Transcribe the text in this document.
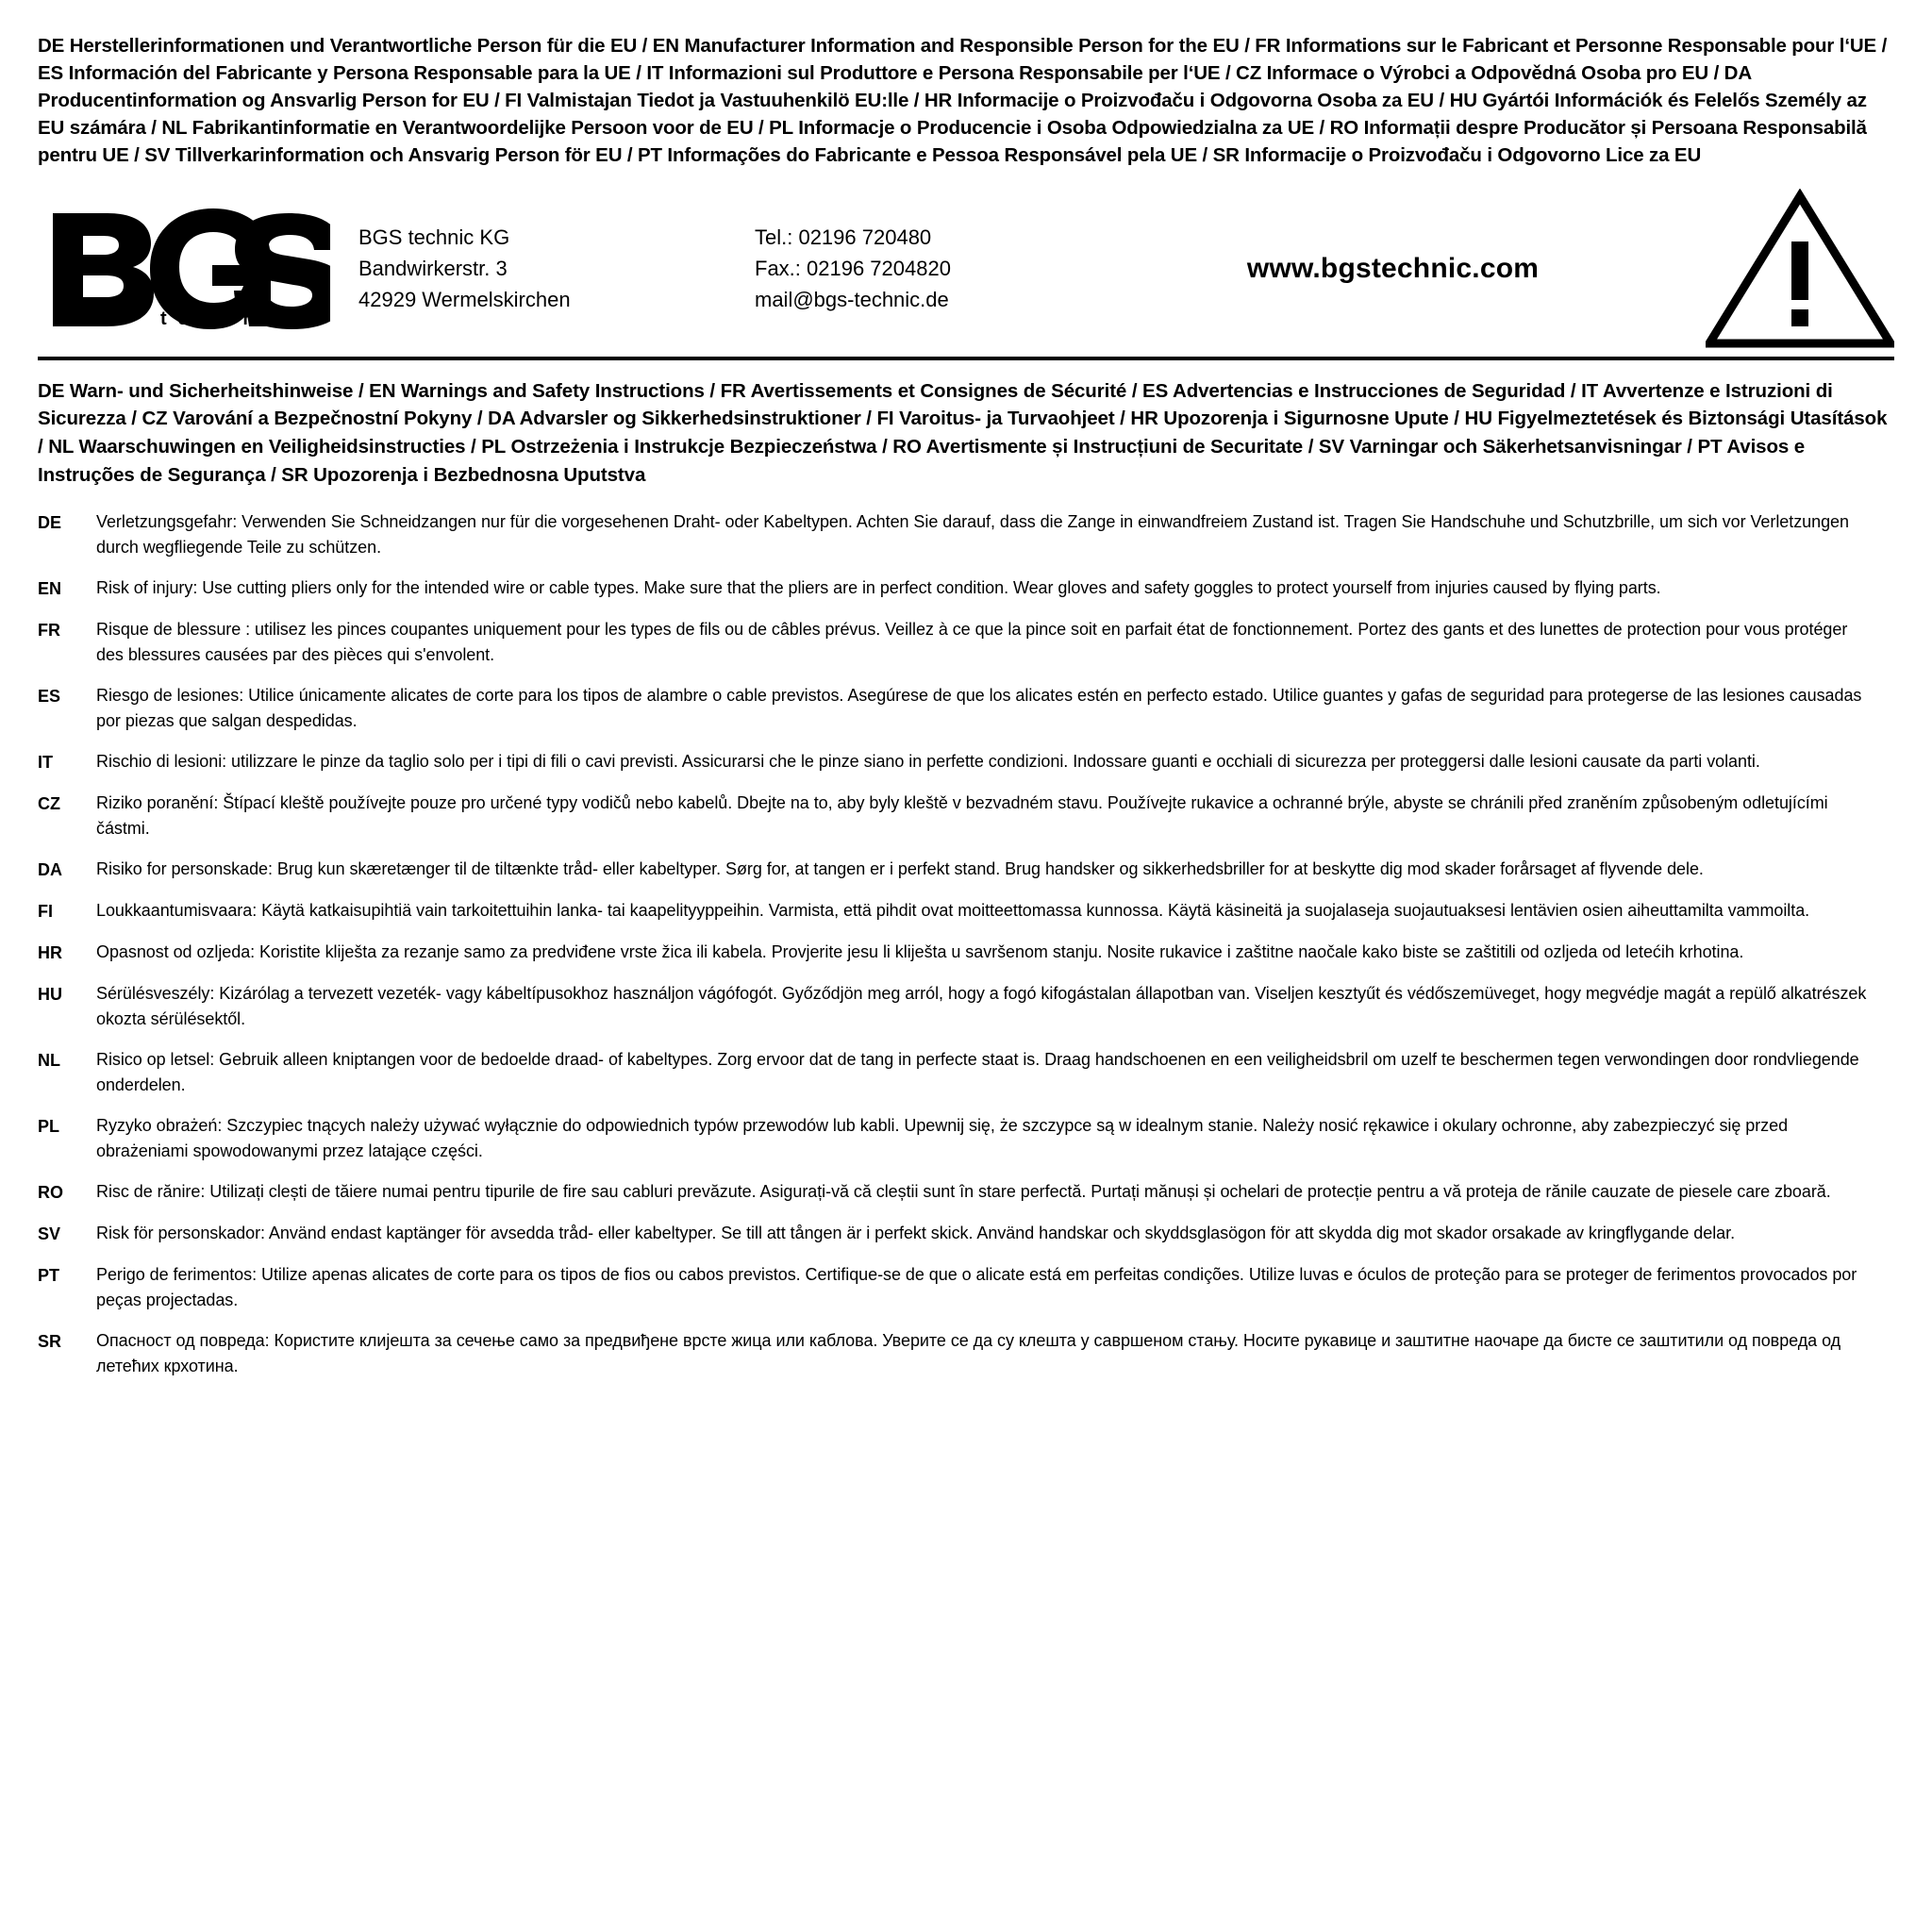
DE Herstellerinformationen und Verantwortliche Person für die EU / EN Manufacturer Information and Responsible Person for the EU / FR Informations sur le Fabricant et Personne Responsable pour l‘UE / ES Información del Fabricante y Persona Responsable para la UE / IT Informazioni sul Produttore e Persona Responsabile per l‘UE / CZ Informace o Výrobci a Odpovědná Osoba pro EU / DA Producentinformation og Ansvarlig Person for EU / FI Valmistajan Tiedot ja Vastuuhenkilö EU:lle / HR Informacije o Proizvođaču i Odgovorna Osoba za EU / HU Gyártói Információk és Felelős Személy az EU számára / NL Fabrikantinformatie en Verantwoordelijke Persoon voor de EU / PL Informacje o Producencie i Osoba Odpowiedzialna za UE / RO Informații despre Producător și Persoana Responsabilă pentru UE / SV Tillverkarinformation och Ansvarig Person för EU / PT Informações do Fabricante e Pessoa Responsável pela UE / SR Informacije o Proizvođaču i Odgovorno Lice za EU
®
t e c h n i c
BGS technic KG
Bandwirkerstr. 3
42929 Wermelskirchen
Tel.: 02196 720480
Fax.: 02196 7204820
mail@bgs-technic.de
www.bgstechnic.com
DE Warn- und Sicherheitshinweise / EN Warnings and Safety Instructions / FR Avertissements et Consignes de Sécurité / ES Advertencias e Instrucciones de Seguridad / IT Avvertenze e Istruzioni di Sicurezza / CZ Varování a Bezpečnostní Pokyny / DA Advarsler og Sikkerhedsinstruktioner / FI Varoitus- ja Turvaohjeet / HR Upozorenja i Sigurnosne Upute / HU Figyelmeztetések és Biztonsági Utasítások / NL Waarschuwingen en Veiligheidsinstructies / PL Ostrzeżenia i Instrukcje Bezpieczeństwa / RO Avertismente și Instrucțiuni de Securitate / SV Varningar och Säkerhetsanvisningar / PT Avisos e Instruções de Segurança / SR Upozorenja i Bezbednosna Uputstva
DE	Verletzungsgefahr: Verwenden Sie Schneidzangen nur für die vorgesehenen Draht- oder Kabeltypen. Achten Sie darauf, dass die Zange in einwandfreiem Zustand ist. Tragen Sie Handschuhe und Schutzbrille, um sich vor Verletzungen durch wegfliegende Teile zu schützen.
EN	Risk of injury: Use cutting pliers only for the intended wire or cable types. Make sure that the pliers are in perfect condition. Wear gloves and safety goggles to protect yourself from injuries caused by flying parts.
FR	Risque de blessure : utilisez les pinces coupantes uniquement pour les types de fils ou de câbles prévus. Veillez à ce que la pince soit en parfait état de fonctionnement. Portez des gants et des lunettes de protection pour vous protéger des blessures causées par des pièces qui s'envolent.
ES	Riesgo de lesiones: Utilice únicamente alicates de corte para los tipos de alambre o cable previstos. Asegúrese de que los alicates estén en perfecto estado. Utilice guantes y gafas de seguridad para protegerse de las lesiones causadas por piezas que salgan despedidas.
IT	Rischio di lesioni: utilizzare le pinze da taglio solo per i tipi di fili o cavi previsti. Assicurarsi che le pinze siano in perfette condizioni. Indossare guanti e occhiali di sicurezza per proteggersi dalle lesioni causate da parti volanti.
CZ	Riziko poranění: Štípací kleště používejte pouze pro určené typy vodičů nebo kabelů. Dbejte na to, aby byly kleště v bezvadném stavu. Používejte rukavice a ochranné brýle, abyste se chránili před zraněním způsobeným odletujícími částmi.
DA	Risiko for personskade: Brug kun skæretænger til de tiltænkte tråd- eller kabeltyper. Sørg for, at tangen er i perfekt stand. Brug handsker og sikkerhedsbriller for at beskytte dig mod skader forårsaget af flyvende dele.
FI	Loukkaantumisvaara: Käytä katkaisupihtiä vain tarkoitettuihin lanka- tai kaapelityyppeihin. Varmista, että pihdit ovat moitteettomassa kunnossa. Käytä käsineitä ja suojalaseja suojautuaksesi lentävien osien aiheuttamilta vammoilta.
HR	Opasnost od ozljeda: Koristite kliješta za rezanje samo za predviđene vrste žica ili kabela. Provjerite jesu li kliješta u savršenom stanju. Nosite rukavice i zaštitne naočale kako biste se zaštitili od ozljeda od letećih krhotina.
HU	Sérülésveszély: Kizárólag a tervezett vezeték- vagy kábeltípusokhoz használjon vágófogót. Győződjön meg arról, hogy a fogó kifogástalan állapotban van. Viseljen kesztyűt és védőszemüveget, hogy megvédje magát a repülő alkatrészek okozta sérülésektől.
NL	Risico op letsel: Gebruik alleen kniptangen voor de bedoelde draad- of kabeltypes. Zorg ervoor dat de tang in perfecte staat is. Draag handschoenen en een veiligheidsbril om uzelf te beschermen tegen verwondingen door rondvliegende onderdelen.
PL	Ryzyko obrażeń: Szczypiec tnących należy używać wyłącznie do odpowiednich typów przewodów lub kabli. Upewnij się, że szczypce są w idealnym stanie. Należy nosić rękawice i okulary ochronne, aby zabezpieczyć się przed obrażeniami spowodowanymi przez latające części.
RO	Risc de rănire: Utilizați clești de tăiere numai pentru tipurile de fire sau cabluri prevăzute. Asigurați-vă că cleștii sunt în stare perfectă. Purtați mănuși și ochelari de protecție pentru a vă proteja de rănile cauzate de piesele care zboară.
SV	Risk för personskador: Använd endast kaptänger för avsedda tråd- eller kabeltyper. Se till att tången är i perfekt skick. Använd handskar och skyddsglasögon för att skydda dig mot skador orsakade av kringflygande delar.
PT	Perigo de ferimentos: Utilize apenas alicates de corte para os tipos de fios ou cabos previstos. Certifique-se de que o alicate está em perfeitas condições. Utilize luvas e óculos de proteção para se proteger de ferimentos provocados por peças projectadas.
SR	Опасност од повреда: Користите клијешта за сечење само за предвиђене врсте жица или каблова. Уверите се да су клешта у савршеном стању. Носите рукавице и заштитне наочаре да бисте се заштитили од повреда од летећих крхотина.
